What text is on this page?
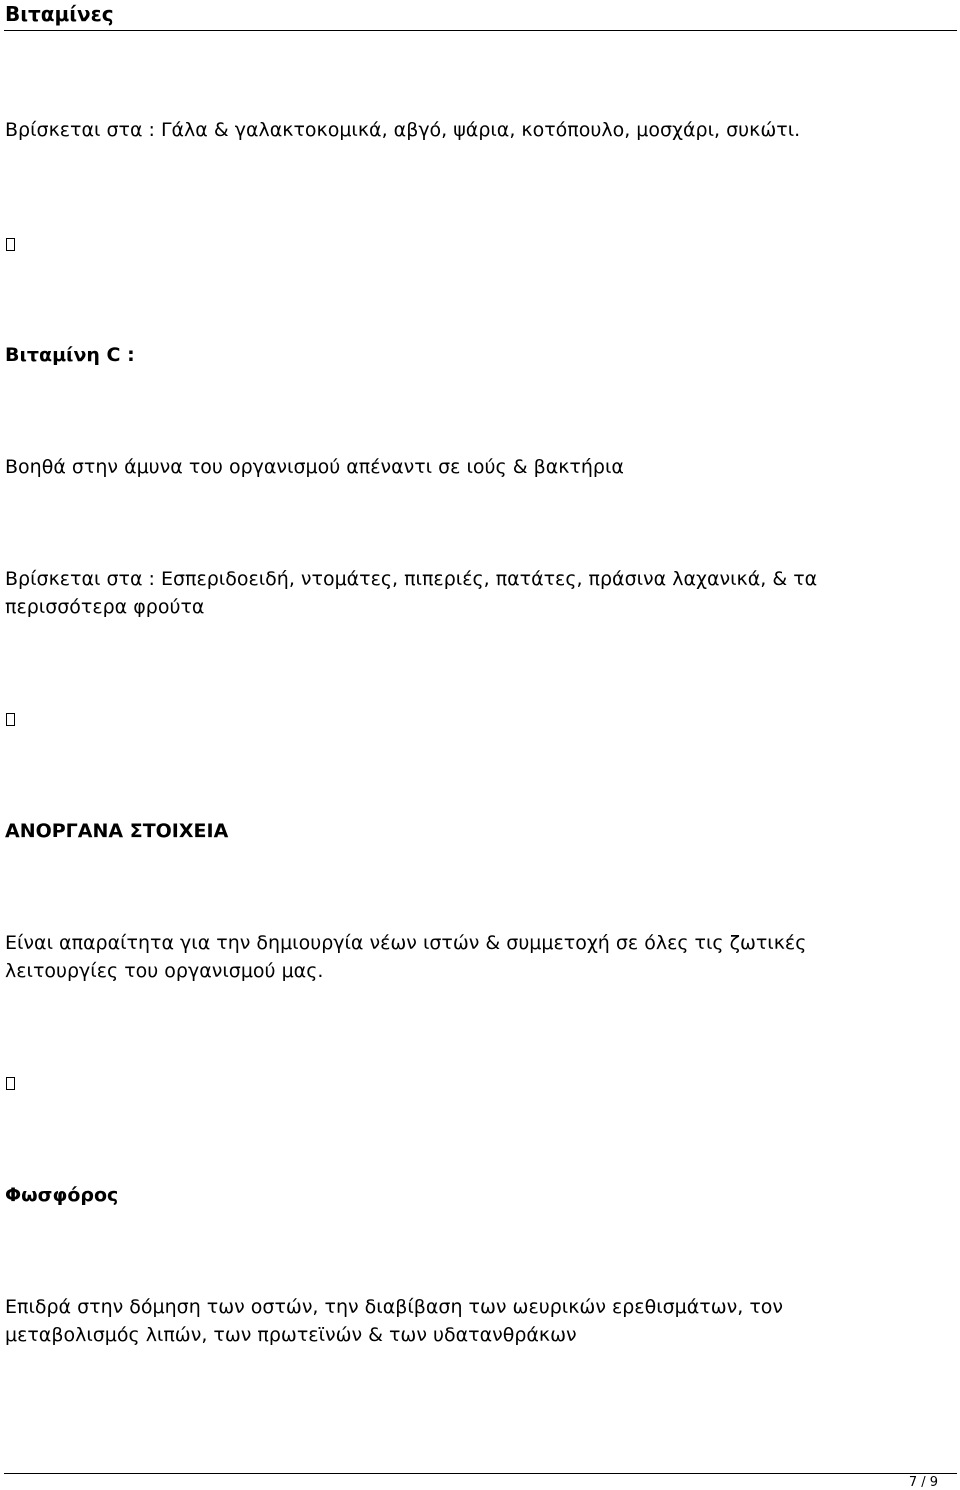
Βιταμίνες
Βρίσκεται στα : Γάλα & γαλακτοκομικά, αβγό, ψάρια, κοτόπουλο, μοσχάρι, συκώτι.
Βιταμίνη C :
Βοηθά στην άμυνα του οργανισμού απέναντι σε ιούς & βακτήρια
Βρίσκεται στα : Εσπεριδοειδή, ντομάτες, πιπεριές, πατάτες, πράσινα λαχανικά, & τα
περισσότερα φρούτα
ΑΝΟΡΓΑΝΑ ΣΤΟΙΧΕΙΑ
Είναι απαραίτητα για την δημιουργία νέων ιστών & συμμετοχή σε όλες τις ζωτικές
λειτουργίες του οργανισμού μας.
Φωσφόρος
Επιδρά στην δόμηση των οστών, την διαβίβαση των ωευρικών ερεθισμάτων, τον
μεταβολισμός λιπών, των πρωτεϊνών & των υδατανθράκων
7 / 9
